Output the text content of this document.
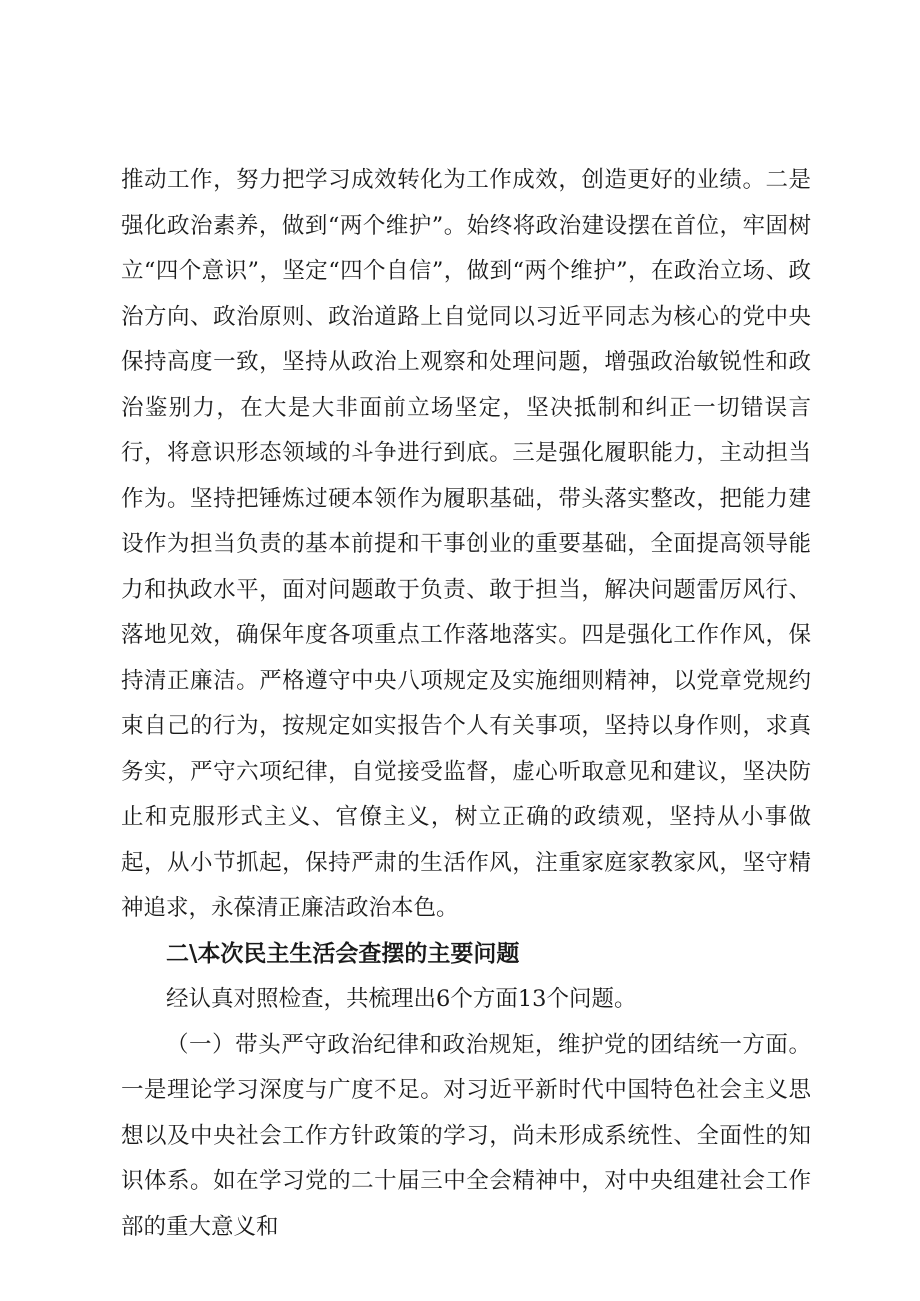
推动工作，努力把学习成效转化为工作成效，创造更好的业绩。二是强化政治素养，做到“两个维护”。始终将政治建设摆在首位，牢固树立“四个意识”，坚定“四个自信”，做到“两个维护”，在政治立场、政治方向、政治原则、政治道路上自觉同以习近平同志为核心的党中央保持高度一致，坚持从政治上观察和处理问题，增强政治敏锐性和政治鉴别力，在大是大非面前立场坚定，坚决抵制和纠正一切错误言行，将意识形态领域的斗争进行到底。三是强化履职能力，主动担当作为。坚持把锤炼过硬本领作为履职基础，带头落实整改，把能力建设作为担当负责的基本前提和干事创业的重要基础，全面提高领导能力和执政水平，面对问题敢于负责、敢于担当，解决问题雷厉风行、落地见效，确保年度各项重点工作落地落实。四是强化工作作风，保持清正廉洁。严格遵守中央八项规定及实施细则精神，以党章党规约束自己的行为，按规定如实报告个人有关事项，坚持以身作则，求真务实，严守六项纪律，自觉接受监督，虚心听取意见和建议，坚决防止和克服形式主义、官僚主义，树立正确的政绩观，坚持从小事做起，从小节抓起，保持严肃的生活作风，注重家庭家教家风，坚守精神追求，永葆清正廉洁政治本色。

二\本次民主生活会查摆的主要问题

经认真对照检查，共梳理出6个方面13个问题。

（一）带头严守政治纪律和政治规矩，维护党的团结统一方面。一是理论学习深度与广度不足。对习近平新时代中国特色社会主义思想以及中央社会工作方针政策的学习，尚未形成系统性、全面性的知识体系。如在学习党的二十届三中全会精神中，对中央组建社会工作部的重大意义和
